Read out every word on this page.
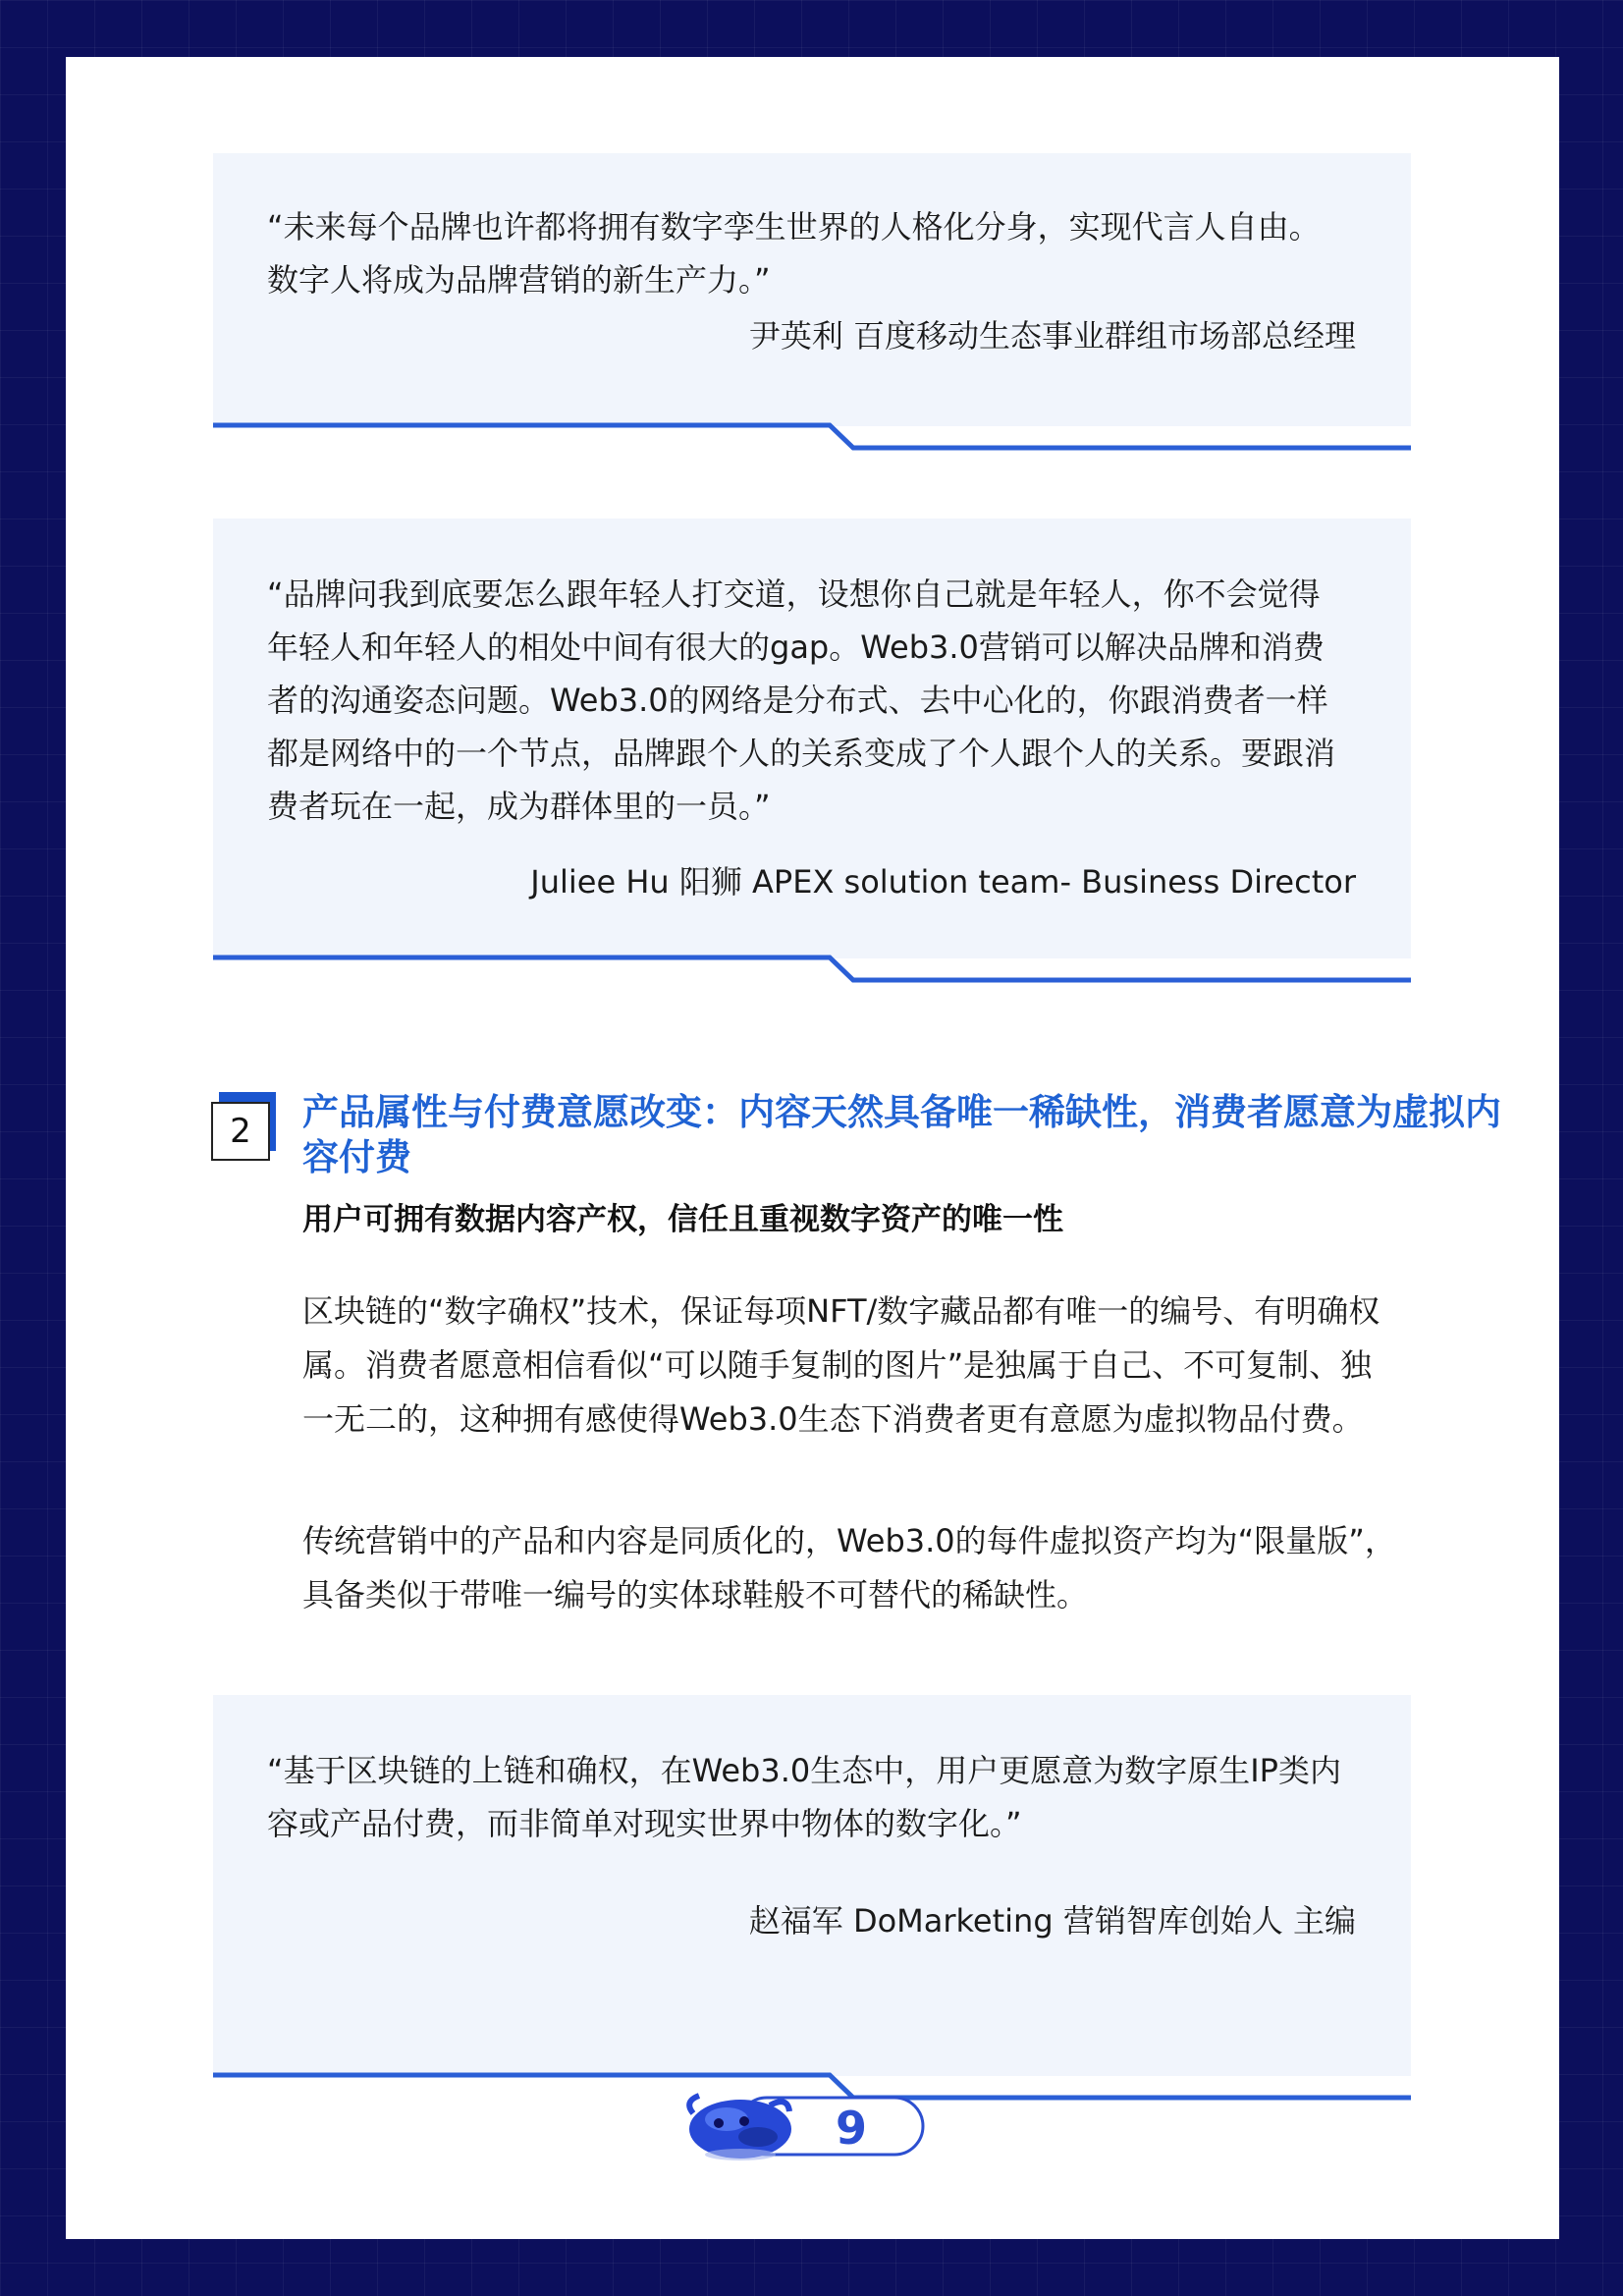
“未来每个品牌也许都将拥有数字孪生世界的人格化分身，实现代言人自由。数字人将成为品牌营销的新生产力。”
尹英利 百度移动生态事业群组市场部总经理
“品牌问我到底要怎么跟年轻人打交道，设想你自己就是年轻人，你不会觉得年轻人和年轻人的相处中间有很大的gap。Web3.0营销可以解决品牌和消费者的沟通姿态问题。Web3.0的网络是分布式、去中心化的，你跟消费者一样都是网络中的一个节点，品牌跟个人的关系变成了个人跟个人的关系。要跟消费者玩在一起，成为群体里的一员。”
Juliee Hu 阳狮 APEX solution team- Business Director
2	产品属性与付费意愿改变：内容天然具备唯一稀缺性，消费者愿意为虚拟内容付费
用户可拥有数据内容产权，信任且重视数字资产的唯一性
区块链的“数字确权”技术，保证每项NFT/数字藏品都有唯一的编号、有明确权属。消费者愿意相信看似“可以随手复制的图片”是独属于自己、不可复制、独一无二的，这种拥有感使得Web3.0生态下消费者更有意愿为虚拟物品付费。
传统营销中的产品和内容是同质化的，Web3.0的每件虚拟资产均为“限量版”，具备类似于带唯一编号的实体球鞋般不可替代的稀缺性。
“基于区块链的上链和确权，在Web3.0生态中，用户更愿意为数字原生IP类内容或产品付费，而非简单对现实世界中物体的数字化。”
赵福军 DoMarketing 营销智库创始人 主编
9
